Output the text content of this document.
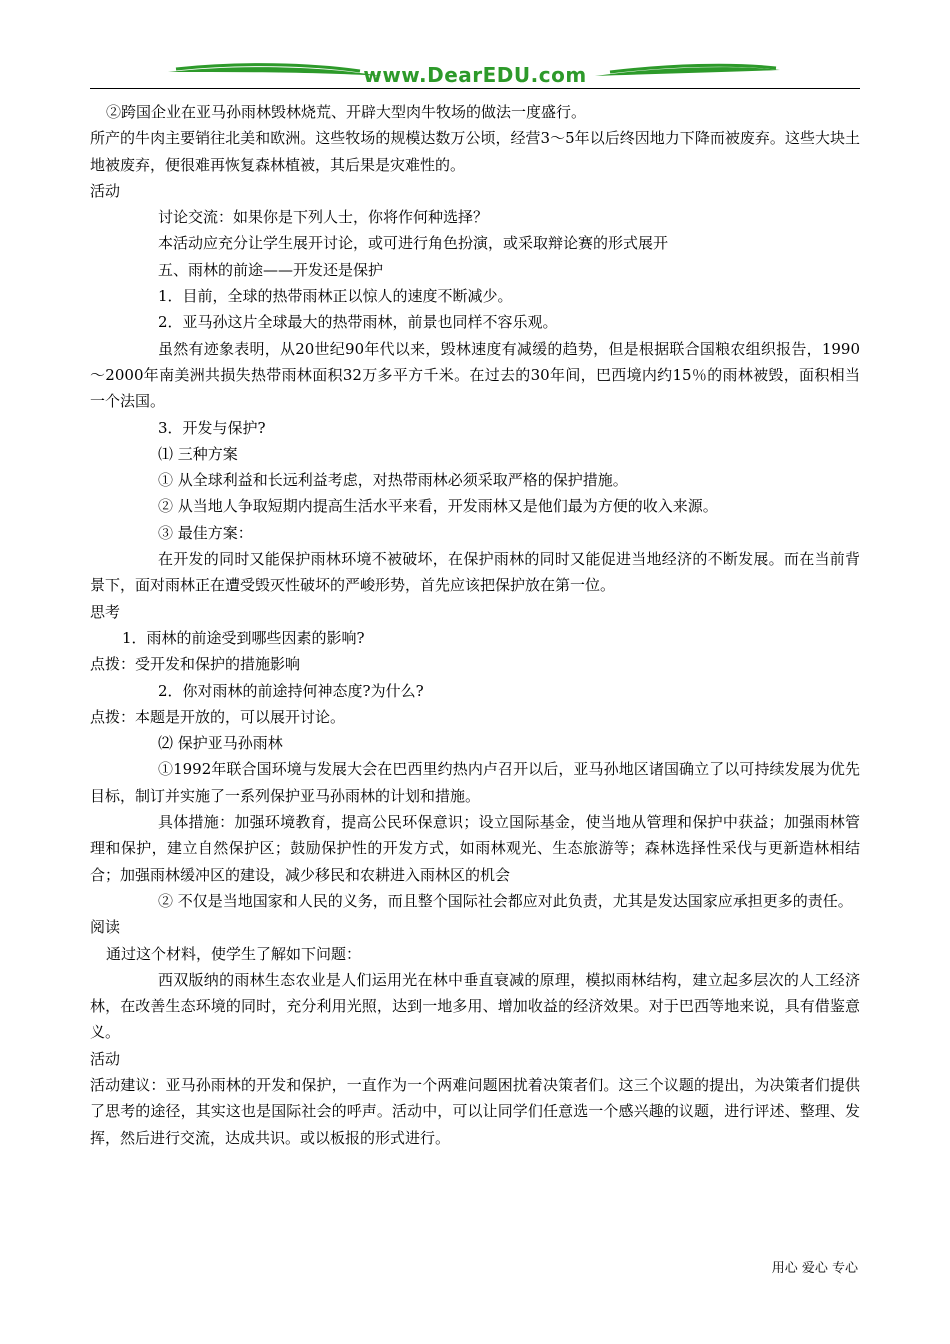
www.DearEDU.com

②跨国企业在亚马孙雨林毁林烧荒、开辟大型肉牛牧场的做法一度盛行。

所产的牛肉主要销往北美和欧洲。这些牧场的规模达数万公顷，经营3～5年以后终因地力下降而被废弃。这些大块土地被废弃，便很难再恢复森林植被，其后果是灾难性的。

活动

讨论交流：如果你是下列人士，你将作何种选择？

本活动应充分让学生展开讨论，或可进行角色扮演，或采取辩论赛的形式展开

五、雨林的前途——开发还是保护

1．目前，全球的热带雨林正以惊人的速度不断减少。

2．亚马孙这片全球最大的热带雨林，前景也同样不容乐观。

虽然有迹象表明，从20世纪90年代以来，毁林速度有减缓的趋势，但是根据联合国粮农组织报告，1990～2000年南美洲共损失热带雨林面积32万多平方千米。在过去的30年间，巴西境内约15％的雨林被毁，面积相当一个法国。

3．开发与保护?

⑴ 三种方案

① 从全球利益和长远利益考虑，对热带雨林必须采取严格的保护措施。

② 从当地人争取短期内提高生活水平来看，开发雨林又是他们最为方便的收入来源。

③ 最佳方案：

在开发的同时又能保护雨林环境不被破坏，在保护雨林的同时又能促进当地经济的不断发展。而在当前背景下，面对雨林正在遭受毁灭性破坏的严峻形势，首先应该把保护放在第一位。

思考

1．雨林的前途受到哪些因素的影响?

点拨：受开发和保护的措施影响

2．你对雨林的前途持何神态度?为什么?

点拨：本题是开放的，可以展开讨论。

⑵ 保护亚马孙雨林

①1992年联合国环境与发展大会在巴西里约热内卢召开以后，亚马孙地区诸国确立了以可持续发展为优先目标，制订并实施了一系列保护亚马孙雨林的计划和措施。

具体措施：加强环境教育，提高公民环保意识；设立国际基金，使当地从管理和保护中获益；加强雨林管理和保护，建立自然保护区；鼓励保护性的开发方式，如雨林观光、生态旅游等；森林选择性采伐与更新造林相结合；加强雨林缓冲区的建设，减少移民和农耕进入雨林区的机会

② 不仅是当地国家和人民的义务，而且整个国际社会都应对此负责，尤其是发达国家应承担更多的责任。

阅读

通过这个材料，使学生了解如下问题：

西双版纳的雨林生态农业是人们运用光在林中垂直衰减的原理，模拟雨林结构，建立起多层次的人工经济林，在改善生态环境的同时，充分利用光照，达到一地多用、增加收益的经济效果。对于巴西等地来说，具有借鉴意义。

活动

活动建议：亚马孙雨林的开发和保护，一直作为一个两难问题困扰着决策者们。这三个议题的提出，为决策者们提供了思考的途径，其实这也是国际社会的呼声。活动中，可以让同学们任意选一个感兴趣的议题，进行评述、整理、发挥，然后进行交流，达成共识。或以板报的形式进行。

用心 爱心 专心
